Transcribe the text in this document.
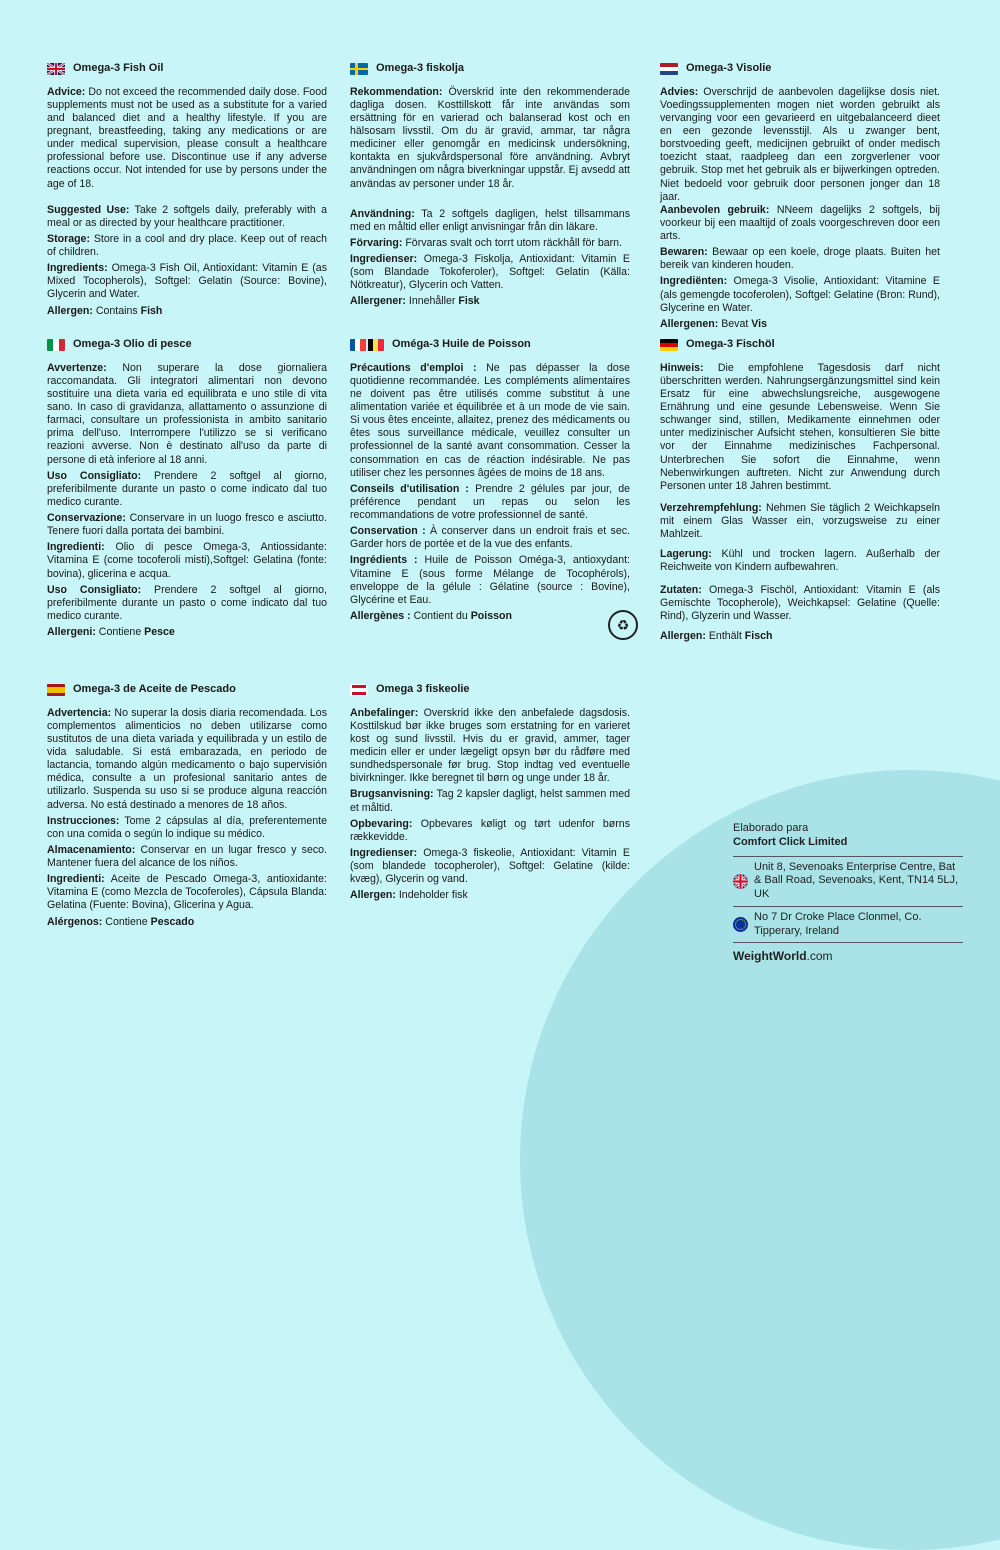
Omega-3 Fish Oil

Advice: Do not exceed the recommended daily dose. Food supplements must not be used as a substitute for a varied and balanced diet and a healthy lifestyle. If you are pregnant, breastfeeding, taking any medications or are under medical supervision, please consult a healthcare professional before use. Discontinue use if any adverse reactions occur. Not intended for use by persons under the age of 18.

Suggested Use: Take 2 softgels daily, preferably with a meal or as directed by your healthcare practitioner.

Storage: Store in a cool and dry place. Keep out of reach of children.

Ingredients: Omega-3 Fish Oil, Antioxidant: Vitamin E (as Mixed Tocopherols), Softgel: Gelatin (Source: Bovine), Glycerin and Water.

Allergen: Contains Fish

Omega-3 fiskolja

Rekommendation: Överskrid inte den rekommenderade dagliga dosen. Kosttillskott får inte användas som ersättning för en varierad och balanserad kost och en hälsosam livsstil. Om du är gravid, ammar, tar några mediciner eller genomgår en medicinsk undersökning, kontakta en sjukvårdspersonal före användning. Avbryt användningen om några biverkningar uppstår. Ej avsedd att användas av personer under 18 år.

Användning: Ta 2 softgels dagligen, helst tillsammans med en måltid eller enligt anvisningar från din läkare.

Förvaring: Förvaras svalt och torrt utom räckhåll för barn.

Ingredienser: Omega-3 Fiskolja, Antioxidant: Vitamin E (som Blandade Tokoferoler), Softgel: Gelatin (Källa: Nötkreatur), Glycerin och Vatten.

Allergener: Innehåller Fisk

Omega-3 Visolie

Advies: Overschrijd de aanbevolen dagelijkse dosis niet. Voedingssupplementen mogen niet worden gebruikt als vervanging voor een gevarieerd en uitgebalanceerd dieet en een gezonde levensstijl. Als u zwanger bent, borstvoeding geeft, medicijnen gebruikt of onder medisch toezicht staat, raadpleeg dan een zorgverlener voor gebruik. Stop met het gebruik als er bijwerkingen optreden. Niet bedoeld voor gebruik door personen jonger dan 18 jaar.

Aanbevolen gebruik: NNeem dagelijks 2 softgels, bij voorkeur bij een maaltijd of zoals voorgeschreven door een arts.

Bewaren: Bewaar op een koele, droge plaats. Buiten het bereik van kinderen houden.

Ingrediënten: Omega-3 Visolie, Antioxidant: Vitamine E (als gemengde tocoferolen), Softgel: Gelatine (Bron: Rund), Glycerine en Water.

Allergenen: Bevat Vis

Omega-3 Olio di pesce

Avvertenze: Non superare la dose giornaliera raccomandata. Gli integratori alimentari non devono sostituire una dieta varia ed equilibrata e uno stile di vita sano. In caso di gravidanza, allattamento o assunzione di farmaci, consultare un professionista in ambito sanitario prima dell'uso. Interrompere l'utilizzo se si verificano reazioni avverse. Non è destinato all'uso da parte di persone di età inferiore al 18 anni.

Uso Consigliato: Prendere 2 softgel al giorno, preferibilmente durante un pasto o come indicato dal tuo medico curante.

Conservazione: Conservare in un luogo fresco e asciutto. Tenere fuori dalla portata dei bambini.

Ingredienti: Olio di pesce Omega-3, Antiossidante: Vitamina E (come tocoferoli misti),Softgel: Gelatina (fonte: bovina), glicerina e acqua.

Uso Consigliato: Prendere 2 softgel al giorno, preferibilmente durante un pasto o come indicato dal tuo medico curante.

Allergeni: Contiene Pesce

Oméga-3 Huile de Poisson

Précautions d'emploi : Ne pas dépasser la dose quotidienne recommandée. Les compléments alimentaires ne doivent pas être utilisés comme substitut à une alimentation variée et équilibrée et à un mode de vie sain. Si vous êtes enceinte, allaitez, prenez des médicaments ou êtes sous surveillance médicale, veuillez consulter un professionnel de la santé avant consommation. Cesser la consommation en cas de réaction indésirable. Ne pas utiliser chez les personnes âgées de moins de 18 ans.

Conseils d'utilisation : Prendre 2 gélules par jour, de préférence pendant un repas ou selon les recommandations de votre professionnel de santé.

Conservation : À conserver dans un endroit frais et sec. Garder hors de portée et de la vue des enfants.

Ingrédients : Huile de Poisson Oméga-3, antioxydant: Vitamine E (sous forme Mélange de Tocophérols), enveloppe de la gélule : Gélatine (source : Bovine), Glycérine et Eau.

Allergènes : Contient du Poisson

Omega-3 Fischöl

Hinweis: Die empfohlene Tagesdosis darf nicht überschritten werden. Nahrungsergänzungsmittel sind kein Ersatz für eine abwechslungsreiche, ausgewogene Ernährung und eine gesunde Lebensweise. Wenn Sie schwanger sind, stillen, Medikamente einnehmen oder unter medizinischer Aufsicht stehen, konsultieren Sie bitte vor der Einnahme medizinisches Fachpersonal. Unterbrechen Sie sofort die Einnahme, wenn Nebenwirkungen auftreten. Nicht zur Anwendung durch Personen unter 18 Jahren bestimmt.

Verzehrempfehlung: Nehmen Sie täglich 2 Weichkapseln mit einem Glas Wasser ein, vorzugsweise zu einer Mahlzeit.

Lagerung: Kühl und trocken lagern. Außerhalb der Reichweite von Kindern aufbewahren.

Zutaten: Omega-3 Fischöl, Antioxidant: Vitamin E (als Gemischte Tocopherole), Weichkapsel: Gelatine (Quelle: Rind), Glyzerin und Wasser.

Allergen: Enthält Fisch

Omega-3 de Aceite de Pescado

Advertencia: No superar la dosis diaria recomendada. Los complementos alimenticios no deben utilizarse como sustitutos de una dieta variada y equilibrada y un estilo de vida saludable. Si está embarazada, en periodo de lactancia, tomando algún medicamento o bajo supervisión médica, consulte a un profesional sanitario antes de utilizarlo. Suspenda su uso si se produce alguna reacción adversa. No está destinado a menores de 18 años.

Instrucciones: Tome 2 cápsulas al día, preferentemente con una comida o según lo indique su médico.

Almacenamiento: Conservar en un lugar fresco y seco. Mantener fuera del alcance de los niños.

Ingredienti: Aceite de Pescado Omega-3, antioxidante: Vitamina E (como Mezcla de Tocoferoles), Cápsula Blanda: Gelatina (Fuente: Bovina), Glicerina y Agua.

Alérgenos: Contiene Pescado

Omega 3 fiskeolie

Anbefalinger: Overskrid ikke den anbefalede dagsdosis. Kosttilskud bør ikke bruges som erstatning for en varieret kost og sund livsstil. Hvis du er gravid, ammer, tager medicin eller er under lægeligt opsyn bør du rådføre med sundhedspersonale før brug. Stop indtag ved eventuelle bivirkninger. Ikke beregnet til børn og unge under 18 år.

Brugsanvisning: Tag 2 kapsler dagligt, helst sammen med et måltid.

Opbevaring: Opbevares køligt og tørt udenfor børns rækkevidde.

Ingredienser: Omega-3 fiskeolie, Antioxidant: Vitamin E (som blandede tocopheroler), Softgel: Gelatine (kilde: kvæg), Glycerin og vand.

Allergen: Indeholder fisk

♻
Elaborado para
Comfort Click Limited
Unit 8, Sevenoaks Enterprise Centre, Bat & Ball Road, Sevenoaks, Kent, TN14 5LJ, UK
No 7 Dr Croke Place Clonmel, Co. Tipperary, Ireland
WeightWorld.com
